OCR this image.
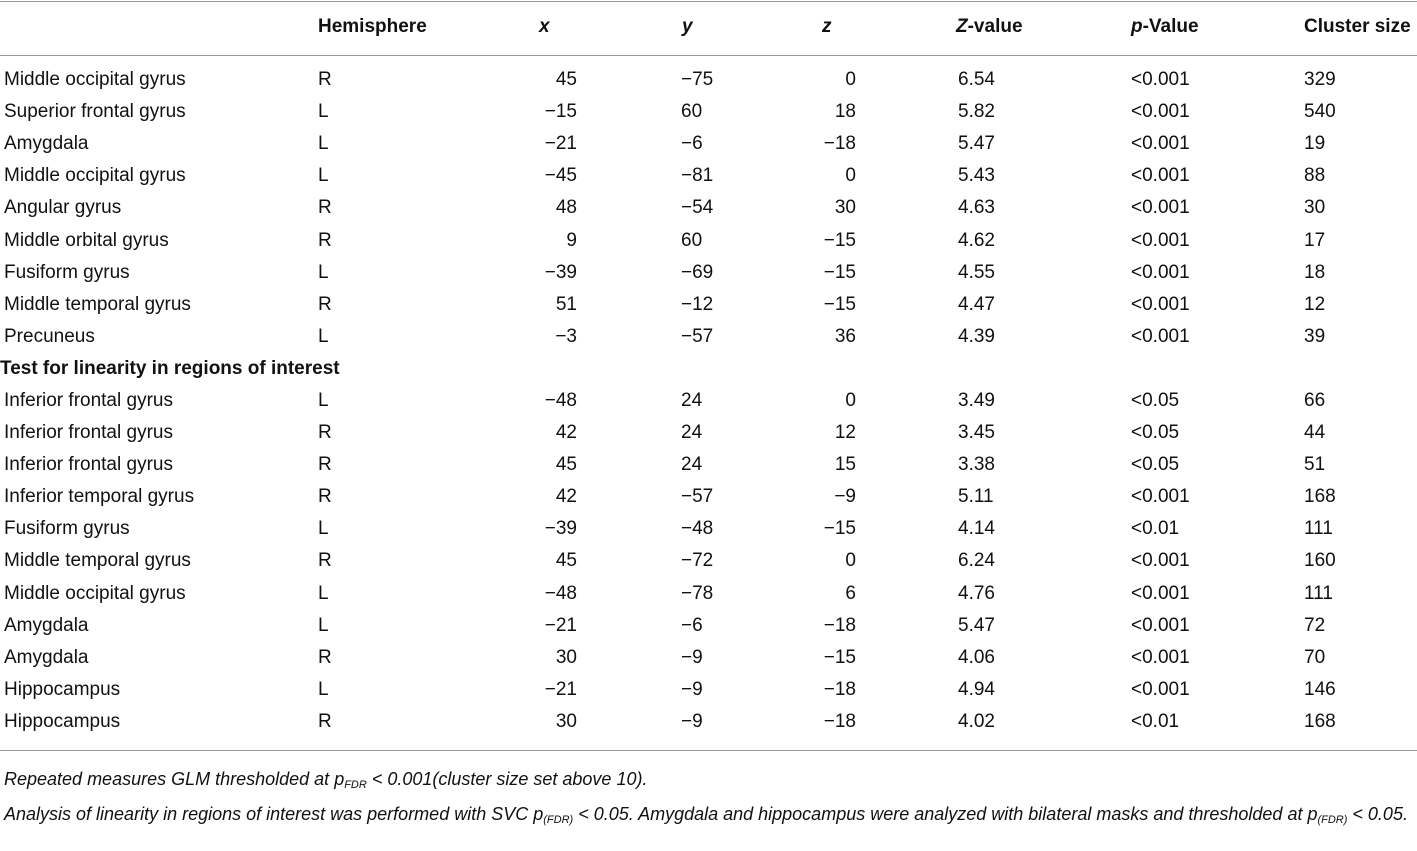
	Hemisphere	x	y	z	Z-value	p-Value	Cluster size

Middle occipital gyrus	R	45	−75	0	6.54	<0.001	329
Superior frontal gyrus	L	−15	60	18	5.82	<0.001	540
Amygdala	L	−21	−6	−18	5.47	<0.001	19
Middle occipital gyrus	L	−45	−81	0	5.43	<0.001	88
Angular gyrus	R	48	−54	30	4.63	<0.001	30
Middle orbital gyrus	R	9	60	−15	4.62	<0.001	17
Fusiform gyrus	L	−39	−69	−15	4.55	<0.001	18
Middle temporal gyrus	R	51	−12	−15	4.47	<0.001	12
Precuneus	L	−3	−57	36	4.39	<0.001	39
Test for linearity in regions of interest							
Inferior frontal gyrus	L	−48	24	0	3.49	<0.05	66
Inferior frontal gyrus	R	42	24	12	3.45	<0.05	44
Inferior frontal gyrus	R	45	24	15	3.38	<0.05	51
Inferior temporal gyrus	R	42	−57	−9	5.11	<0.001	168
Fusiform gyrus	L	−39	−48	−15	4.14	<0.01	111
Middle temporal gyrus	R	45	−72	0	6.24	<0.001	160
Middle occipital gyrus	L	−48	−78	6	4.76	<0.001	111
Amygdala	L	−21	−6	−18	5.47	<0.001	72
Amygdala	R	30	−9	−15	4.06	<0.001	70
Hippocampus	L	−21	−9	−18	4.94	<0.001	146
Hippocampus	R	30	−9	−18	4.02	<0.01	168

Repeated measures GLM thresholded at pFDR < 0.001(cluster size set above 10).

Analysis of linearity in regions of interest was performed with SVC p(FDR) < 0.05. Amygdala and hippocampus were analyzed with bilateral masks and thresholded at p(FDR) < 0.05.
